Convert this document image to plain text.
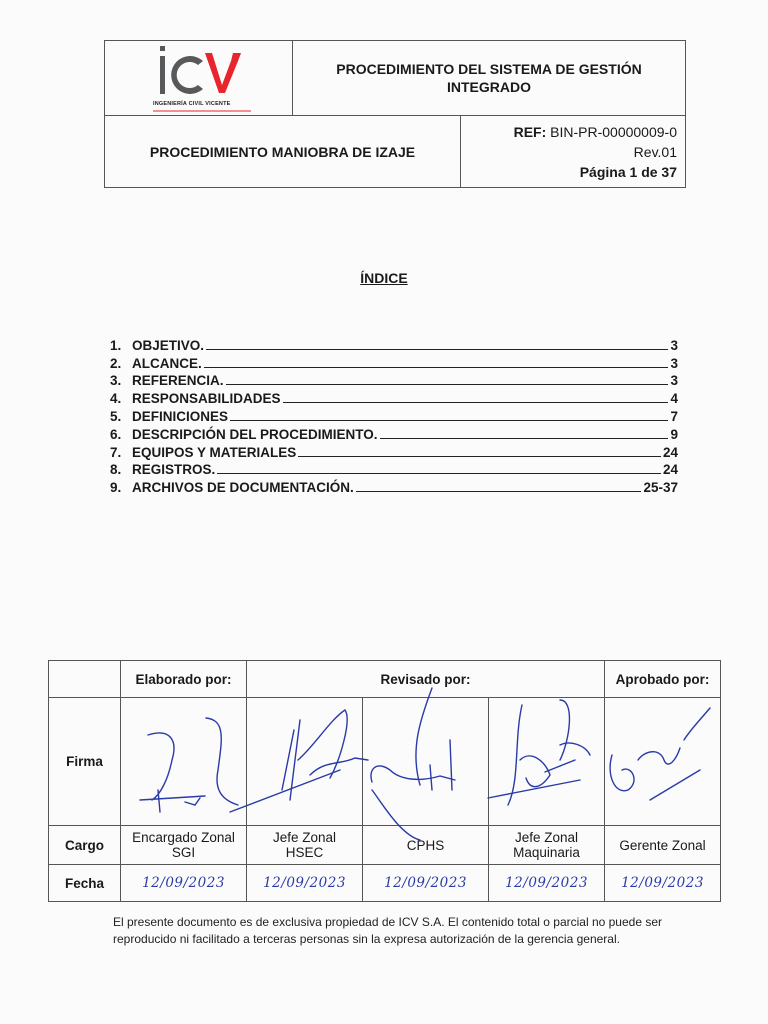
INGENIERÍA CIVIL VICENTE
PROCEDIMIENTO DEL SISTEMA DE GESTIÓN INTEGRADO
PROCEDIMIENTO MANIOBRA DE IZAJE
REF: BIN-PR-00000009-0
Rev.01
Página 1 de 37
ÍNDICE
1. OBJETIVO.	3
2. ALCANCE.	3
3. REFERENCIA.	3
4. RESPONSABILIDADES	4
5. DEFINICIONES	7
6. DESCRIPCIÓN DEL PROCEDIMIENTO.	9
7. EQUIPOS Y MATERIALES	24
8. REGISTROS.	24
9. ARCHIVOS DE DOCUMENTACIÓN.	25-37
	Elaborado por:	Revisado por:			Aprobado por:
Firma					
Cargo	Encargado Zonal SGI	Jefe Zonal HSEC	CPHS	Jefe Zonal Maquinaria	Gerente Zonal
Fecha	12/09/2023	12/09/2023	12/09/2023	12/09/2023	12/09/2023
El presente documento es de exclusiva propiedad de ICV S.A. El contenido total o parcial no puede ser reproducido ni facilitado a terceras personas sin la expresa autorización de la gerencia general.
